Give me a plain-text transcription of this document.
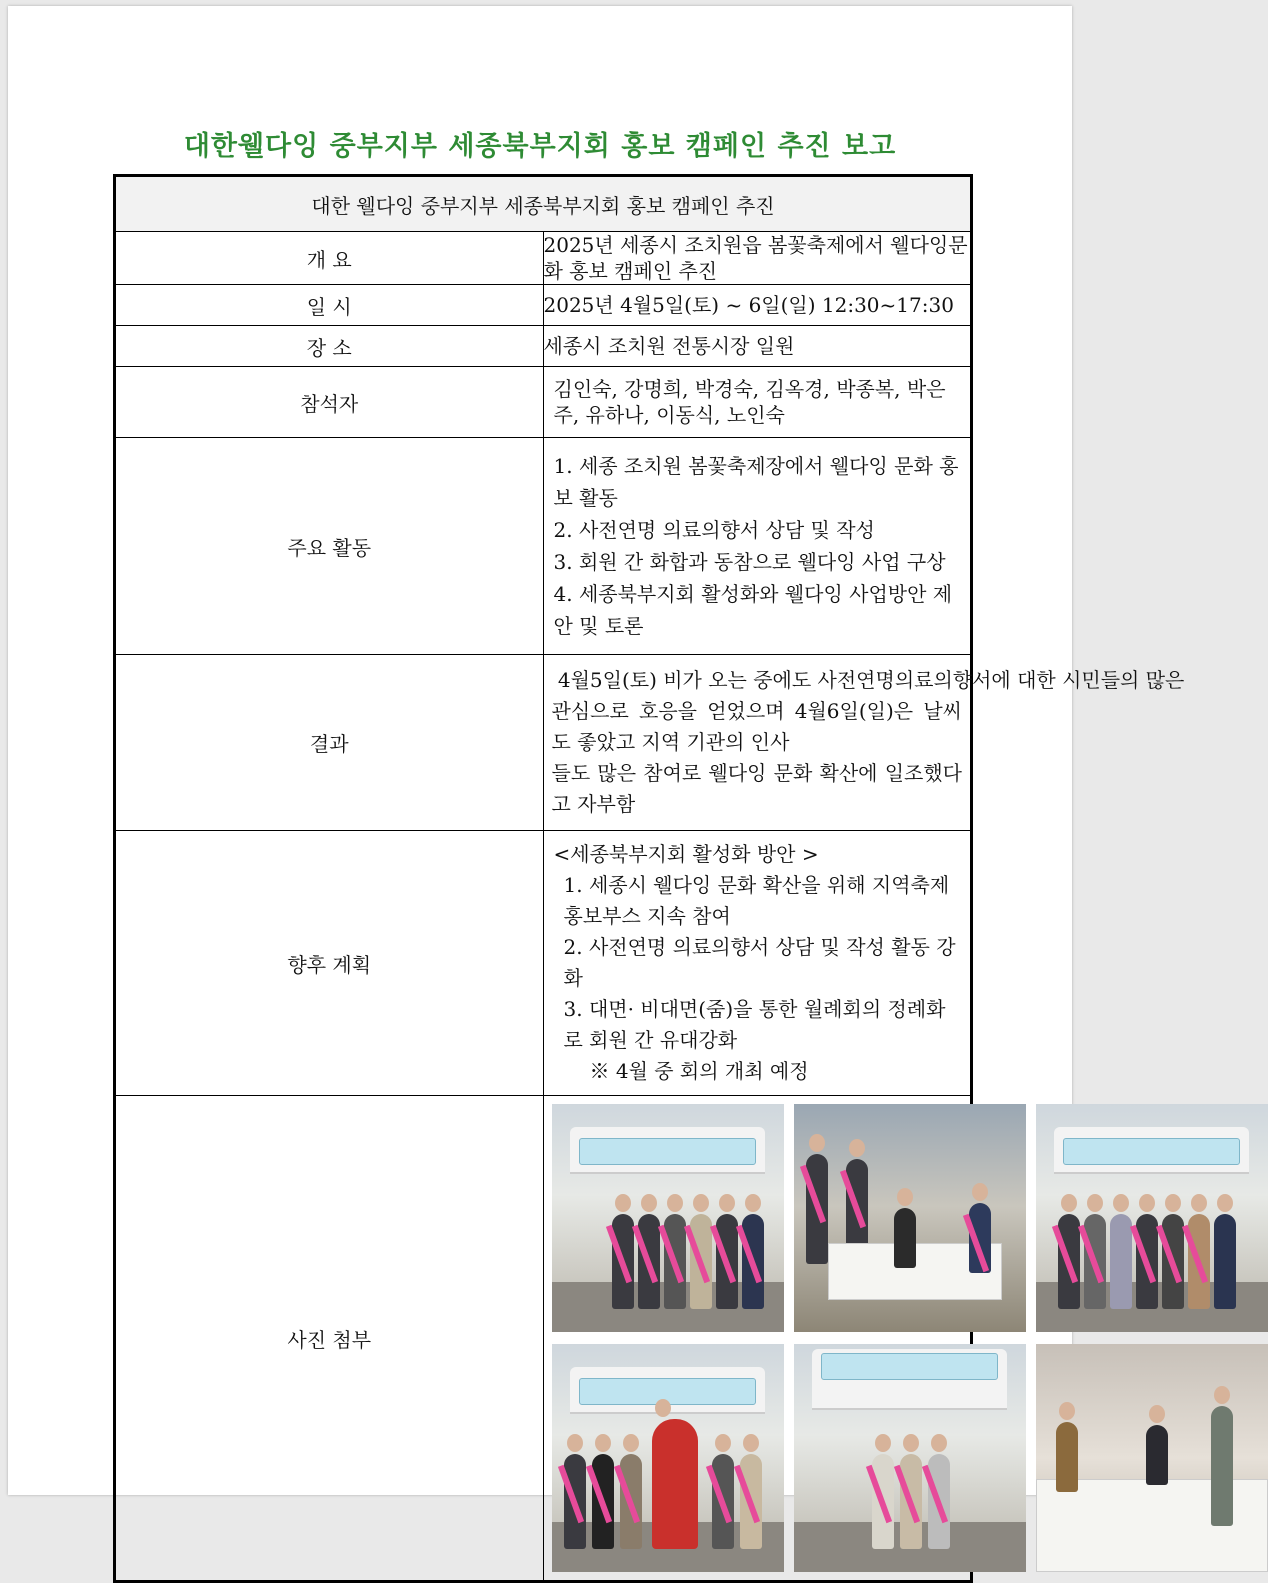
대한웰다잉 중부지부 세종북부지회 홍보 캠페인 추진 보고
대한 웰다잉 중부지부 세종북부지회 홍보 캠페인 추진	
개 요	2025년 세종시 조치원읍 봄꽃축제에서 웰다잉문화 홍보 캠페인 추진
일 시	2025년 4월5일(토) ~ 6일(일) 12:30~17:30
장 소	세종시 조치원 전통시장 일원
참석자	김인숙, 강명희, 박경숙, 김옥경, 박종복, 박은주, 유하나, 이동식, 노인숙
주요 활동	1. 세종 조치원 봄꽃축제장에서 웰다잉 문화 홍보 활동
2. 사전연명 의료의향서 상담 및 작성
3. 회원 간 화합과 동참으로 웰다잉 사업 구상
4. 세종북부지회 활성화와 웰다잉 사업방안 제안 및 토론

결과	4월5일(토) 비가 오는 중에도 사전연명의료의향서에 대한 시민들의 많은
관심으로 호응을 얻었으며 4월6일(일)은 날씨도 좋았고 지역 기관의 인사
들도 많은 참여로 웰다잉 문화 확산에 일조했다고 자부함

향후 계획	<세종북부지회 활성화 방안 >
1. 세종시 웰다잉 문화 확산을 위해 지역축제 홍보부스 지속 참여
2. 사전연명 의료의향서 상담 및 작성 활동 강화
3. 대면· 비대면(줌)을 통한 월례회의 정례화로 회원 간 유대강화
※ 4월 중 회의 개최 예정

사진 첨부	
